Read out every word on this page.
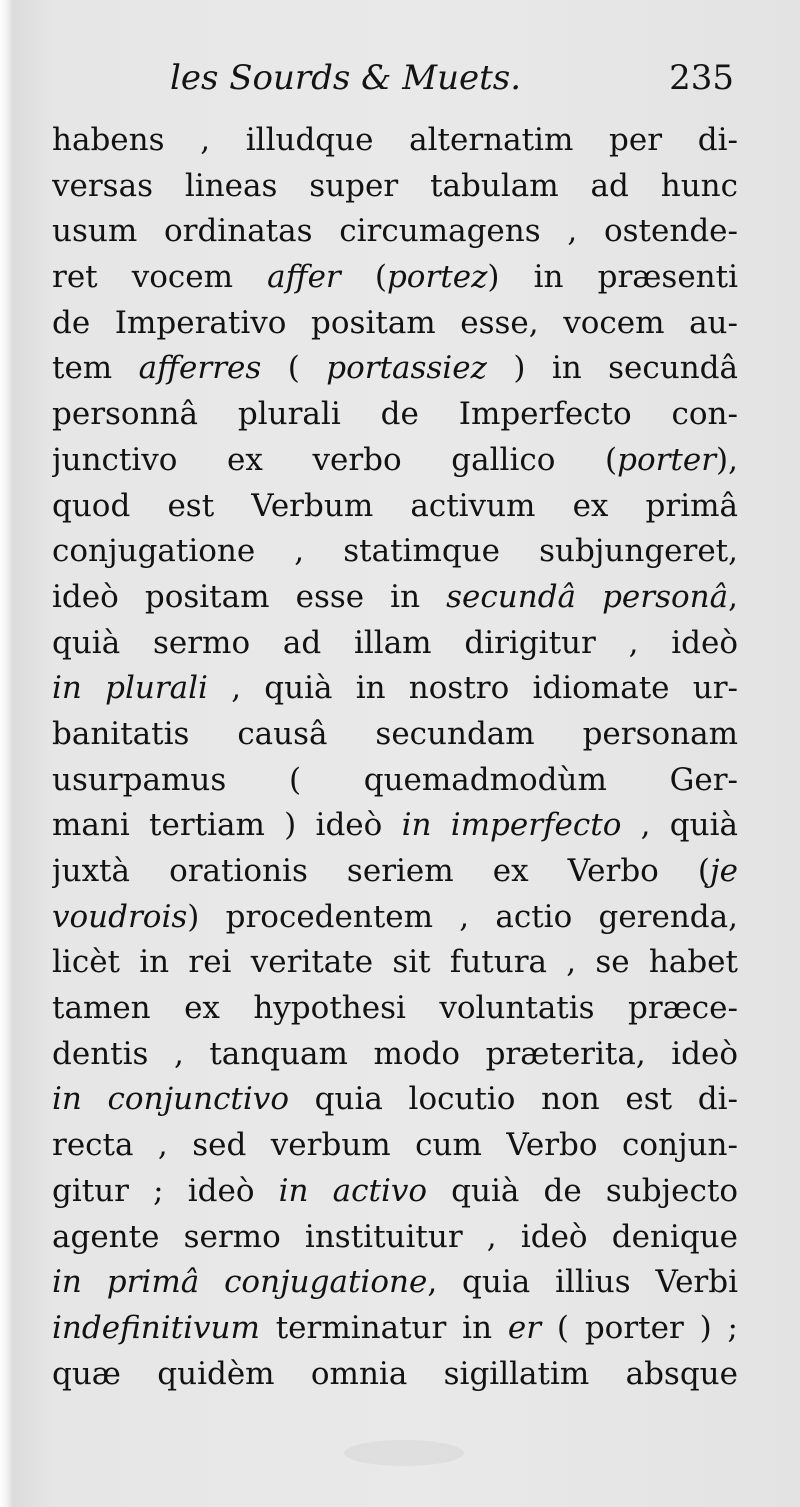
les Sourds & Muets.	235
habens , illudque alternatim per di-
versas lineas super tabulam ad hunc
usum ordinatas circumagens , ostende-
ret vocem affer (portez) in præsenti
de Imperativo positam esse, vocem au-
tem afferres ( portassiez ) in secundâ
personnâ plurali de Imperfecto con-
junctivo ex verbo gallico (porter),
quod est Verbum activum ex primâ
conjugatione , statimque subjungeret,
ideò positam esse in secundâ personâ,
quià sermo ad illam dirigitur , ideò
in plurali , quià in nostro idiomate ur-
banitatis causâ secundam personam
usurpamus ( quemadmodùm Ger-
mani tertiam ) ideò in imperfecto , quià
juxtà orationis seriem ex Verbo (je
voudrois) procedentem , actio gerenda,
licèt in rei veritate sit futura , se habet
tamen ex hypothesi voluntatis præce-
dentis , tanquam modo præterita, ideò
in conjunctivo quia locutio non est di-
recta , sed verbum cum Verbo conjun-
gitur ; ideò in activo quià de subjecto
agente sermo instituitur , ideò denique
in primâ conjugatione, quia illius Verbi
indefinitivum terminatur in er ( porter ) ;
quæ quidèm omnia sigillatim absque
